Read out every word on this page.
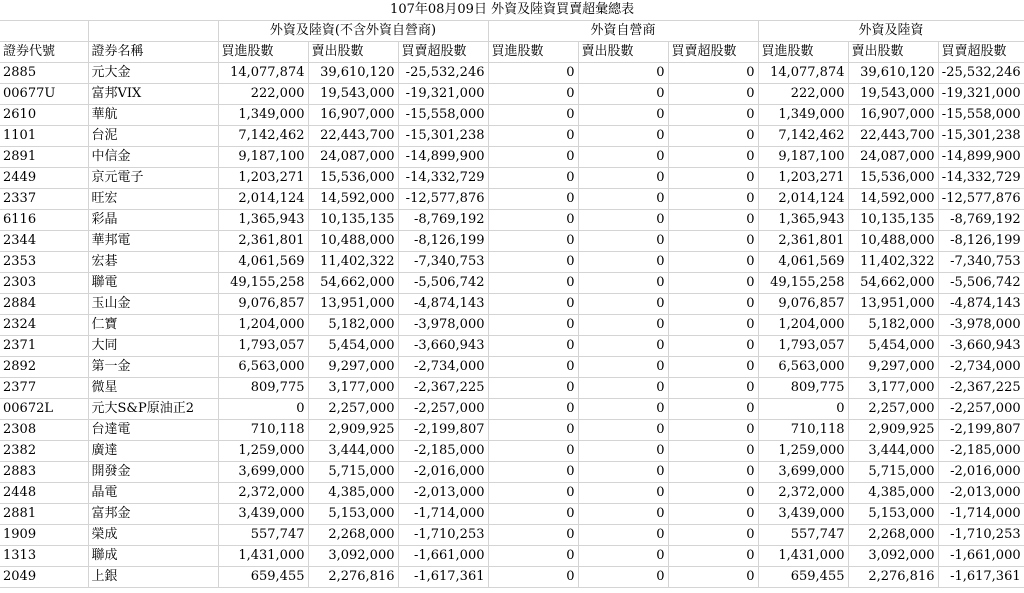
107年08月09日 外資及陸資買賣超彙總表										
		外資及陸資(不含外資自營商)			外資自營商			外資及陸資		
證券代號	證券名稱	買進股數	賣出股數	買賣超股數	買進股數	賣出股數	買賣超股數	買進股數	賣出股數	買賣超股數
2885	元大金	14,077,874	39,610,120	-25,532,246	0	0	0	14,077,874	39,610,120	-25,532,246
00677U	富邦VIX	222,000	19,543,000	-19,321,000	0	0	0	222,000	19,543,000	-19,321,000
2610	華航	1,349,000	16,907,000	-15,558,000	0	0	0	1,349,000	16,907,000	-15,558,000
1101	台泥	7,142,462	22,443,700	-15,301,238	0	0	0	7,142,462	22,443,700	-15,301,238
2891	中信金	9,187,100	24,087,000	-14,899,900	0	0	0	9,187,100	24,087,000	-14,899,900
2449	京元電子	1,203,271	15,536,000	-14,332,729	0	0	0	1,203,271	15,536,000	-14,332,729
2337	旺宏	2,014,124	14,592,000	-12,577,876	0	0	0	2,014,124	14,592,000	-12,577,876
6116	彩晶	1,365,943	10,135,135	-8,769,192	0	0	0	1,365,943	10,135,135	-8,769,192
2344	華邦電	2,361,801	10,488,000	-8,126,199	0	0	0	2,361,801	10,488,000	-8,126,199
2353	宏碁	4,061,569	11,402,322	-7,340,753	0	0	0	4,061,569	11,402,322	-7,340,753
2303	聯電	49,155,258	54,662,000	-5,506,742	0	0	0	49,155,258	54,662,000	-5,506,742
2884	玉山金	9,076,857	13,951,000	-4,874,143	0	0	0	9,076,857	13,951,000	-4,874,143
2324	仁寶	1,204,000	5,182,000	-3,978,000	0	0	0	1,204,000	5,182,000	-3,978,000
2371	大同	1,793,057	5,454,000	-3,660,943	0	0	0	1,793,057	5,454,000	-3,660,943
2892	第一金	6,563,000	9,297,000	-2,734,000	0	0	0	6,563,000	9,297,000	-2,734,000
2377	微星	809,775	3,177,000	-2,367,225	0	0	0	809,775	3,177,000	-2,367,225
00672L	元大S&P原油正2	0	2,257,000	-2,257,000	0	0	0	0	2,257,000	-2,257,000
2308	台達電	710,118	2,909,925	-2,199,807	0	0	0	710,118	2,909,925	-2,199,807
2382	廣達	1,259,000	3,444,000	-2,185,000	0	0	0	1,259,000	3,444,000	-2,185,000
2883	開發金	3,699,000	5,715,000	-2,016,000	0	0	0	3,699,000	5,715,000	-2,016,000
2448	晶電	2,372,000	4,385,000	-2,013,000	0	0	0	2,372,000	4,385,000	-2,013,000
2881	富邦金	3,439,000	5,153,000	-1,714,000	0	0	0	3,439,000	5,153,000	-1,714,000
1909	榮成	557,747	2,268,000	-1,710,253	0	0	0	557,747	2,268,000	-1,710,253
1313	聯成	1,431,000	3,092,000	-1,661,000	0	0	0	1,431,000	3,092,000	-1,661,000
2049	上銀	659,455	2,276,816	-1,617,361	0	0	0	659,455	2,276,816	-1,617,361
